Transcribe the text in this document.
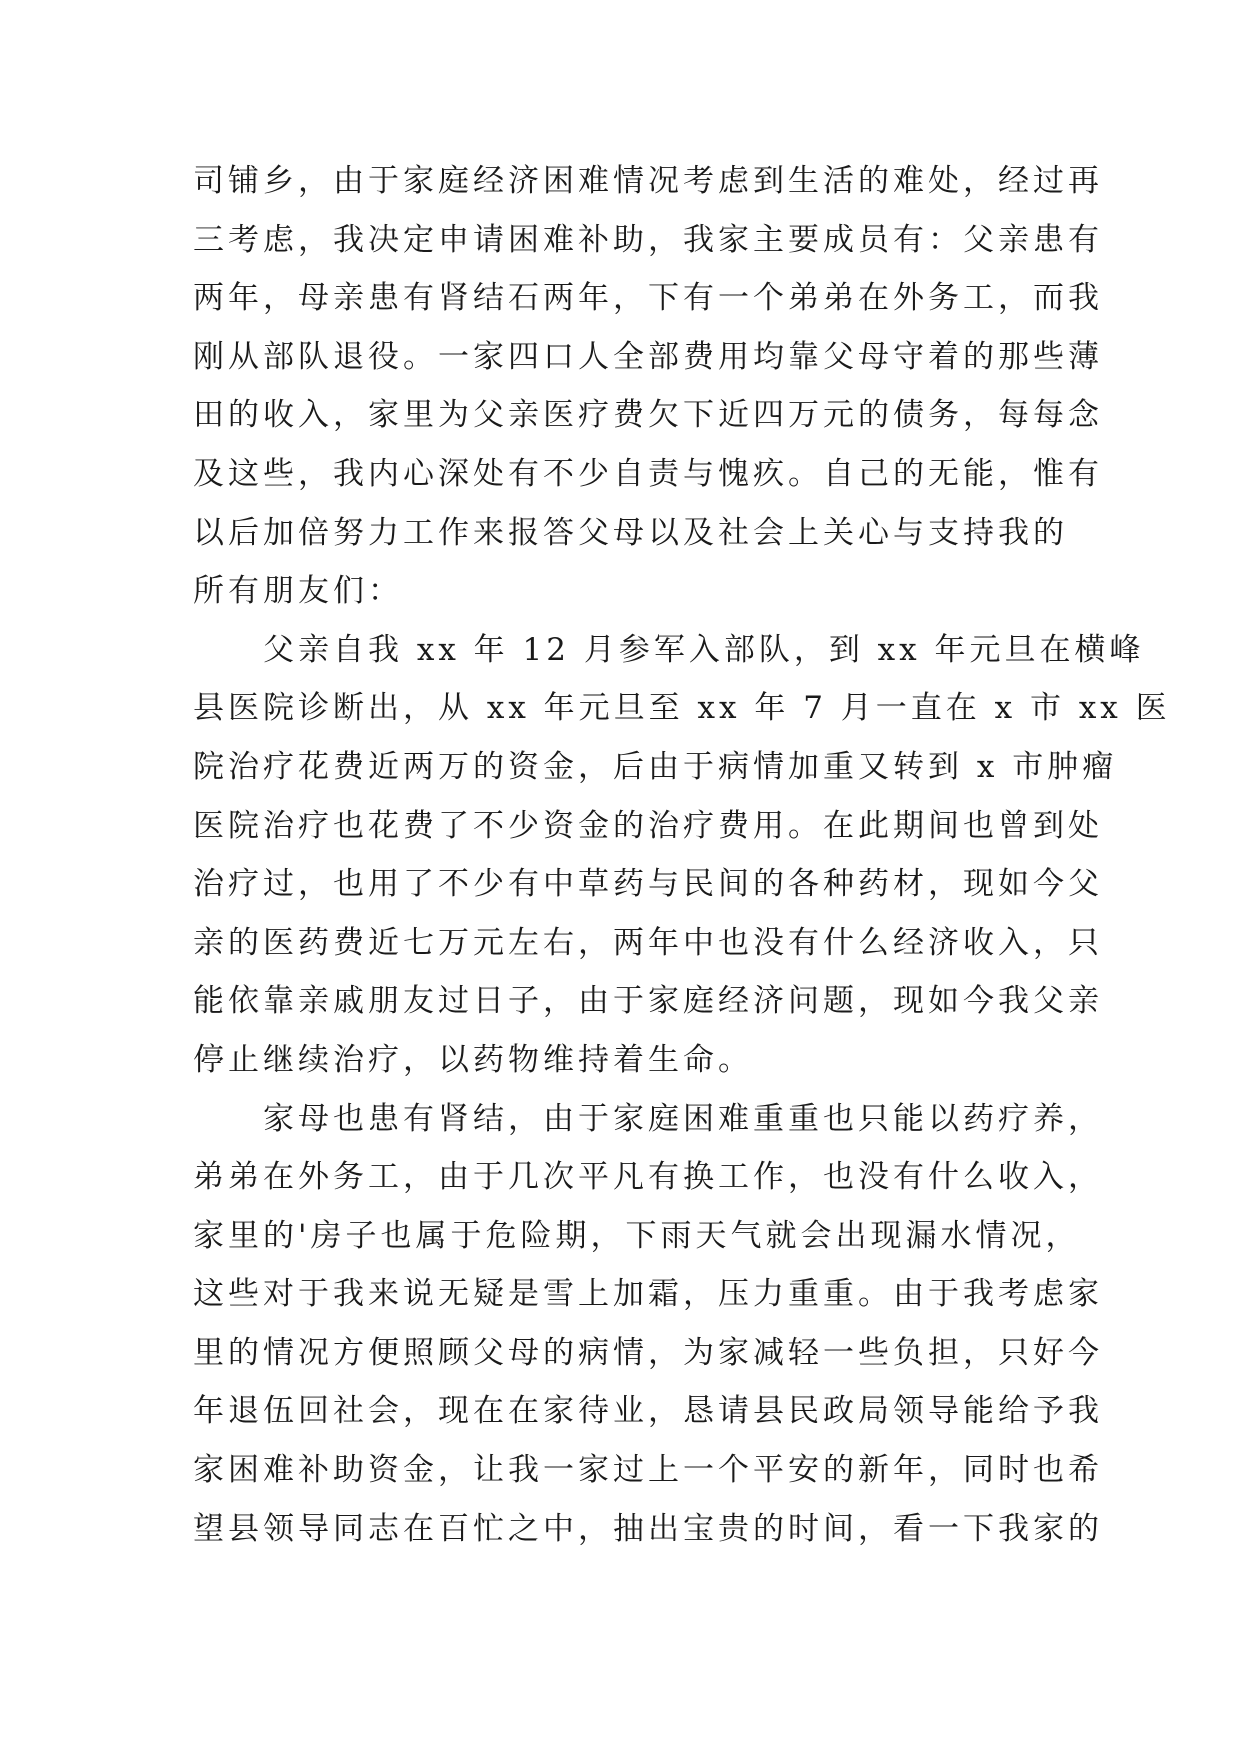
司铺乡，由于家庭经济困难情况考虑到生活的难处，经过再
三考虑，我决定申请困难补助，我家主要成员有：父亲患有
两年，母亲患有肾结石两年，下有一个弟弟在外务工，而我
刚从部队退役。一家四口人全部费用均靠父母守着的那些薄
田的收入，家里为父亲医疗费欠下近四万元的债务，每每念
及这些，我内心深处有不少自责与愧疚。自己的无能，惟有
以后加倍努力工作来报答父母以及社会上关心与支持我的
所有朋友们：
　　父亲自我 xx 年 12 月参军入部队，到 xx 年元旦在横峰
县医院诊断出，从 xx 年元旦至 xx 年 7 月一直在 x 市 xx 医
院治疗花费近两万的资金，后由于病情加重又转到 x 市肿瘤
医院治疗也花费了不少资金的治疗费用。在此期间也曾到处
治疗过，也用了不少有中草药与民间的各种药材，现如今父
亲的医药费近七万元左右，两年中也没有什么经济收入，只
能依靠亲戚朋友过日子，由于家庭经济问题，现如今我父亲
停止继续治疗，以药物维持着生命。
　　家母也患有肾结，由于家庭困难重重也只能以药疗养，
弟弟在外务工，由于几次平凡有换工作，也没有什么收入，
家里的'房子也属于危险期，下雨天气就会出现漏水情况，
这些对于我来说无疑是雪上加霜，压力重重。由于我考虑家
里的情况方便照顾父母的病情，为家减轻一些负担，只好今
年退伍回社会，现在在家待业，恳请县民政局领导能给予我
家困难补助资金，让我一家过上一个平安的新年，同时也希
望县领导同志在百忙之中，抽出宝贵的时间，看一下我家的
